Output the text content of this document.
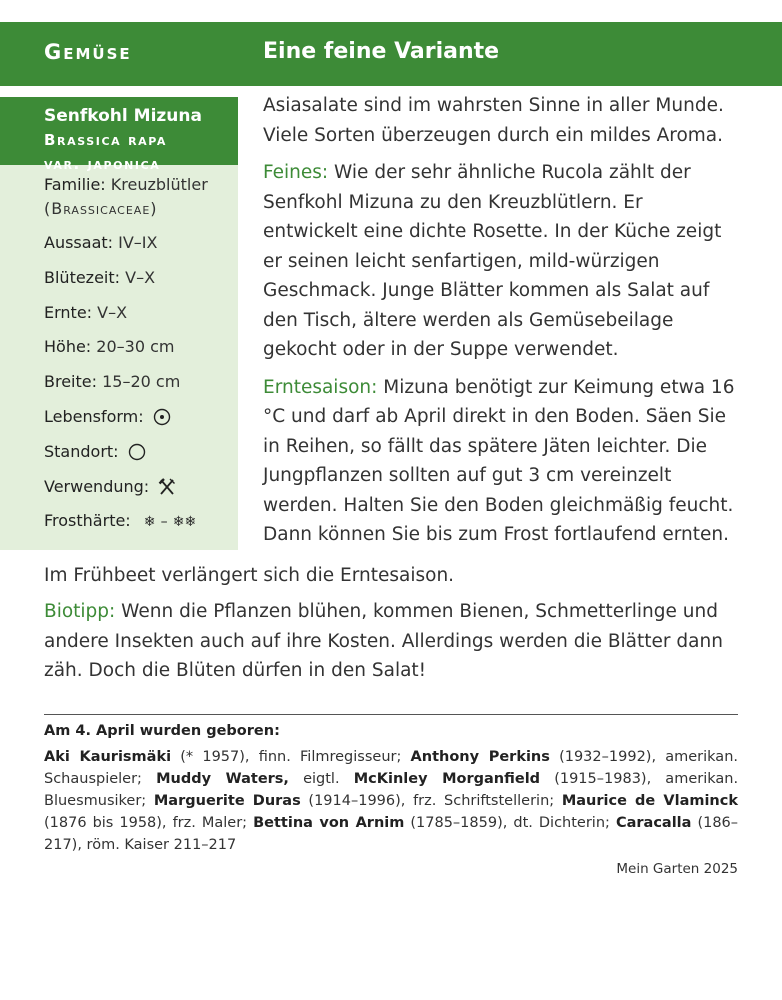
Gemüse	Eine feine Variante
Senfkohl Mizuna
Brassica rapa
var. japonica
Familie: Kreuzblütler
(Brassicaceae)
Aussaat: IV–IX
Blütezeit: V–X
Ernte: V–X
Höhe: 20–30 cm
Breite: 15–20 cm
Lebensform:
Standort:
Verwendung:
Frosthärte: ❄ – ❄❄

Asiasalate sind im wahrsten Sinne in aller Munde. Viele Sorten überzeugen durch ein mildes Aroma.

Feines: Wie der sehr ähnliche Rucola zählt der Senfkohl Mizuna zu den Kreuzblütlern. Er entwickelt eine dichte Rosette. In der Küche zeigt er seinen leicht senfartigen, mild-würzigen Geschmack. Junge Blätter kommen als Salat auf den Tisch, ältere werden als Gemüsebeilage gekocht oder in der Suppe verwendet.

Erntesaison: Mizuna benötigt zur Keimung etwa 16 °C und darf ab April direkt in den Boden. Säen Sie in Reihen, so fällt das spätere Jäten leichter. Die Jungpflanzen sollten auf gut 3 cm vereinzelt werden. Halten Sie den Boden gleichmäßig feucht. Dann können Sie bis zum Frost fortlaufend ernten.

Im Frühbeet verlängert sich die Erntesaison.
Biotipp: Wenn die Pflanzen blühen, kommen Bienen, Schmetterlinge und andere Insekten auch auf ihre Kosten. Allerdings werden die Blätter dann zäh. Doch die Blüten dürfen in den Salat!
Am 4. April wurden geboren:
Aki Kaurismäki (* 1957), finn. Filmregisseur; Anthony Perkins (1932–1992), amerikan. Schauspieler; Muddy Waters, eigtl. McKinley Morganfield (1915–1983), amerikan. Bluesmusiker; Marguerite Duras (1914–1996), frz. Schriftstellerin; Maurice de Vlaminck (1876 bis 1958), frz. Maler; Bettina von Arnim (1785–1859), dt. Dichterin; Caracalla (186–217), röm. Kaiser 211–217
Mein Garten 2025
